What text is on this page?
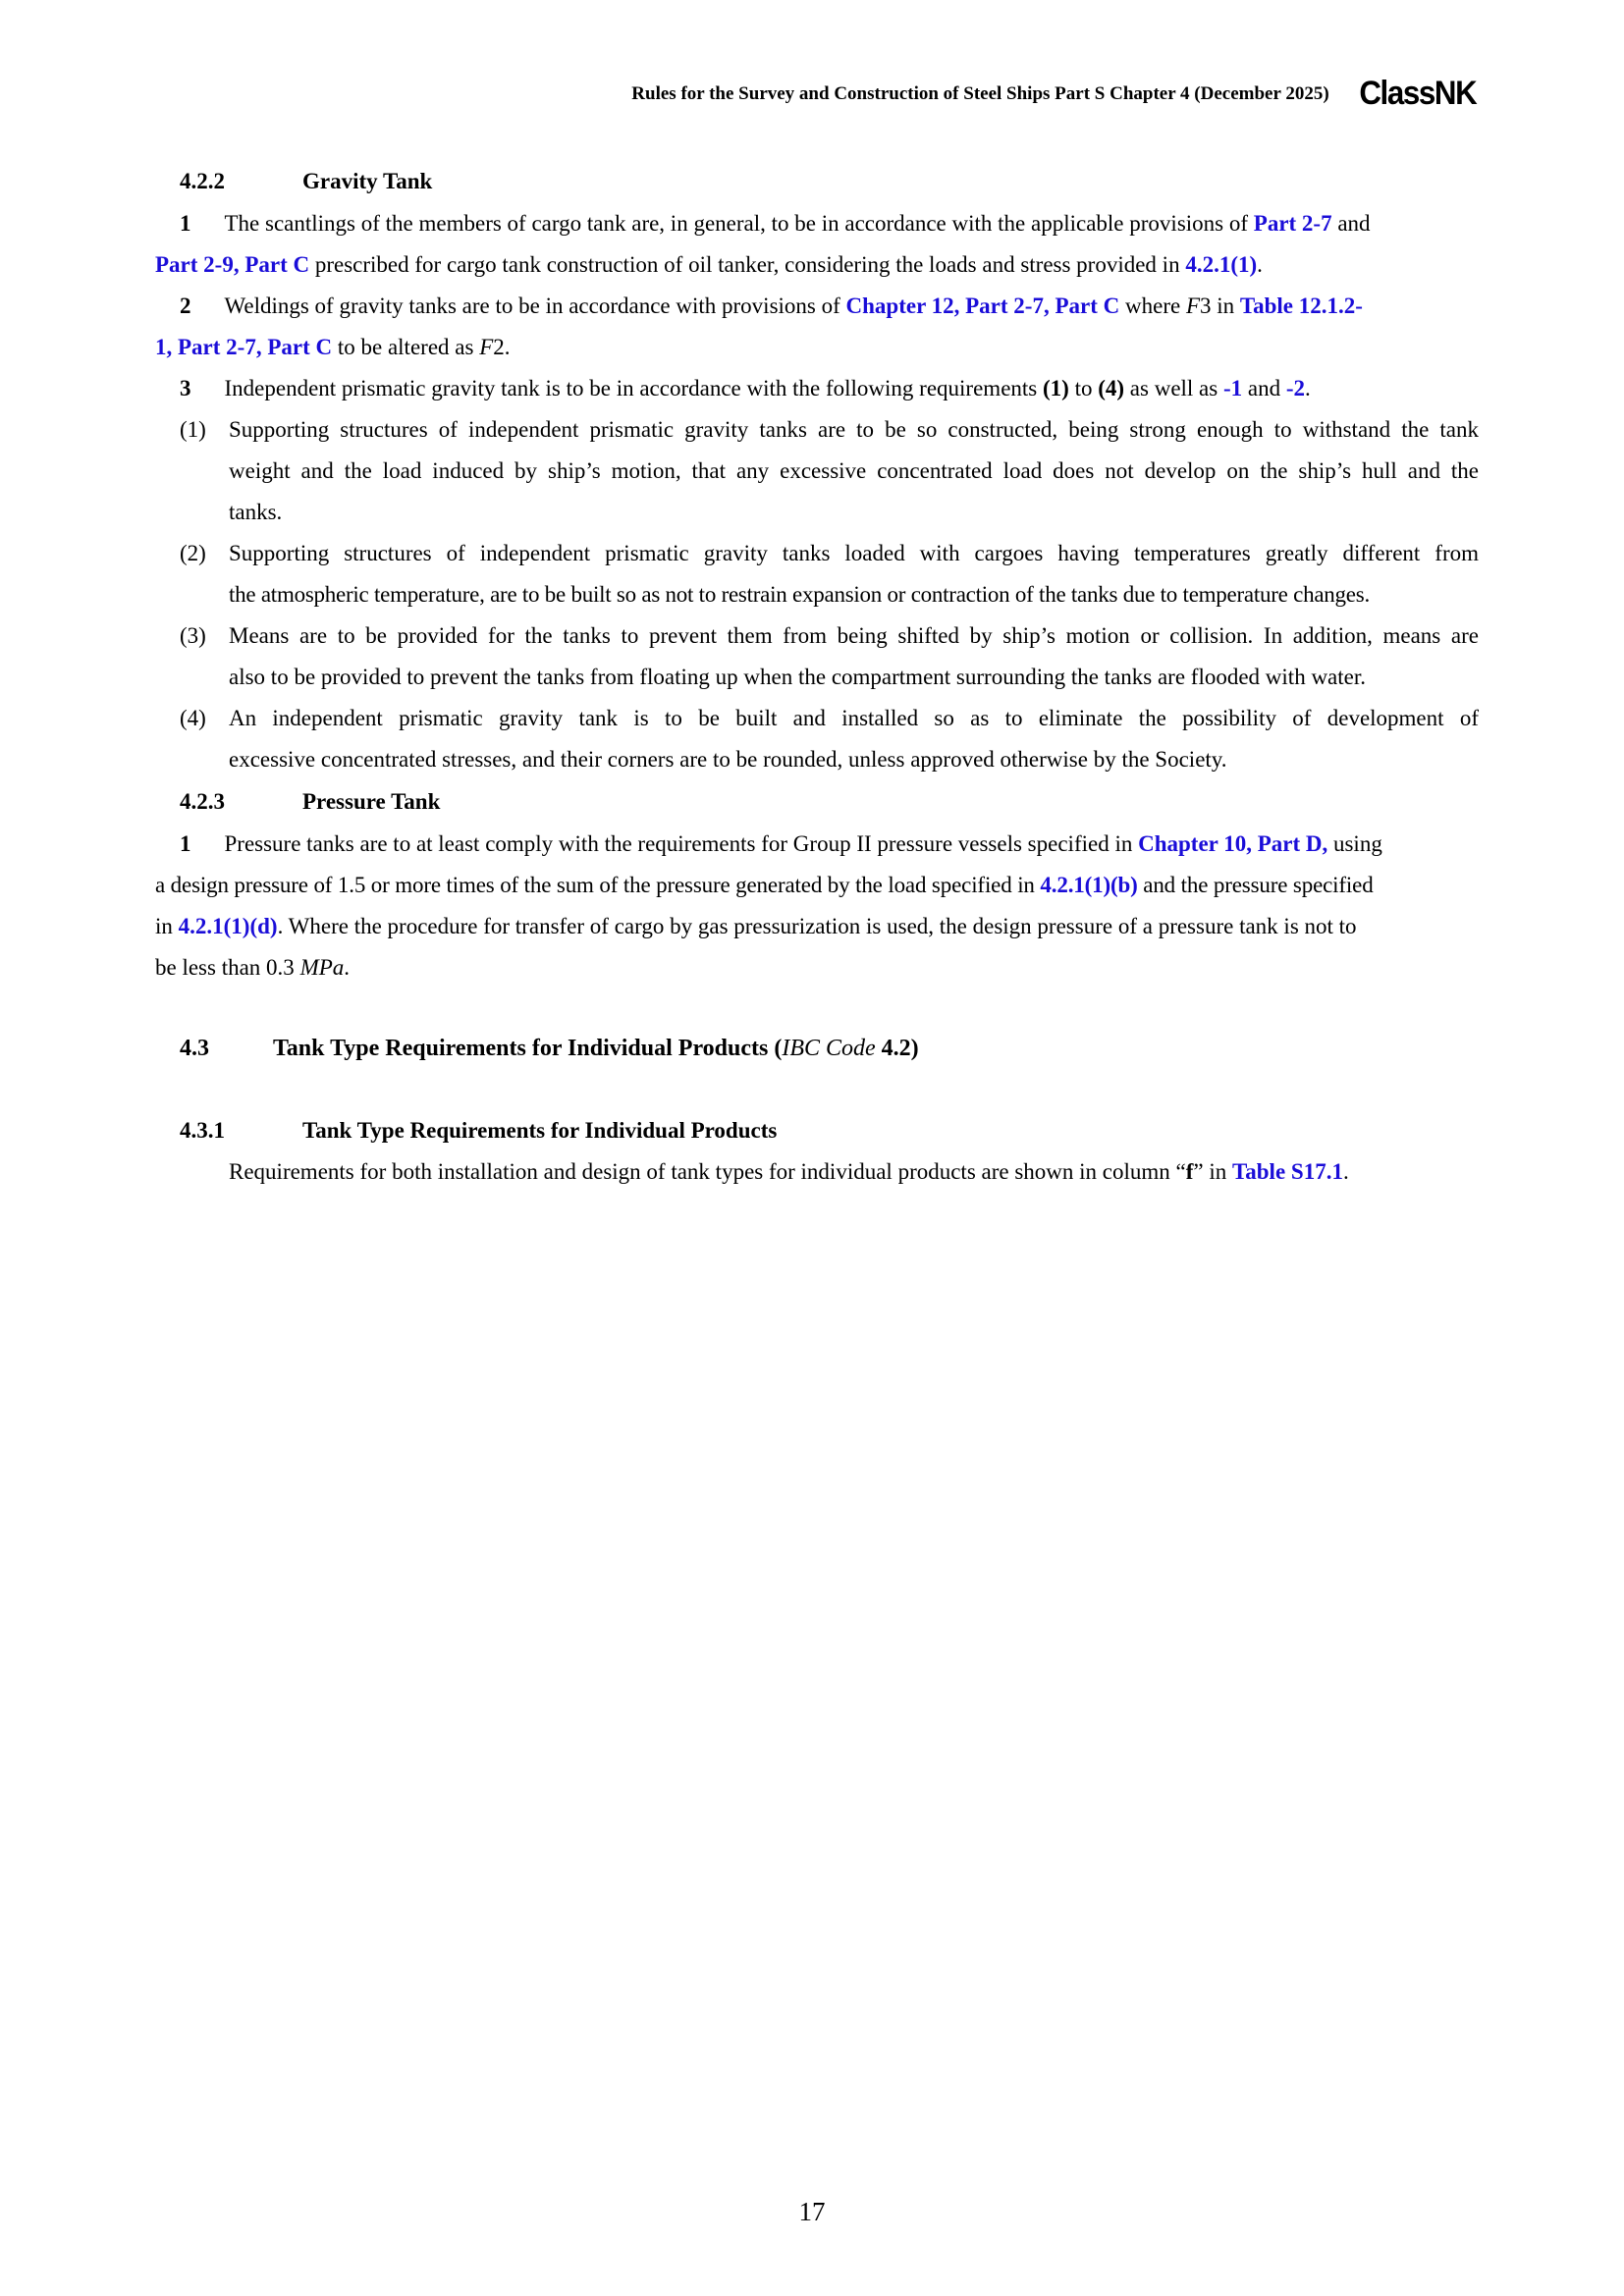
Rules for the Survey and Construction of Steel Ships Part S Chapter 4 (December 2025) ClassNK
4.2.2	Gravity Tank
1 The scantlings of the members of cargo tank are, in general, to be in accordance with the applicable provisions of Part 2-7 and
Part 2-9, Part C prescribed for cargo tank construction of oil tanker, considering the loads and stress provided in 4.2.1(1).
2 Weldings of gravity tanks are to be in accordance with provisions of Chapter 12, Part 2-7, Part C where F3 in Table 12.1.2-
1, Part 2-7, Part C to be altered as F2.
3 Independent prismatic gravity tank is to be in accordance with the following requirements (1) to (4) as well as -1 and -2.
(1) Supporting structures of independent prismatic gravity tanks are to be so constructed, being strong enough to withstand the tank
weight and the load induced by ship’s motion, that any excessive concentrated load does not develop on the ship’s hull and the
tanks.
(2) Supporting structures of independent prismatic gravity tanks loaded with cargoes having temperatures greatly different from
the atmospheric temperature, are to be built so as not to restrain expansion or contraction of the tanks due to temperature changes.
(3) Means are to be provided for the tanks to prevent them from being shifted by ship’s motion or collision. In addition, means are
also to be provided to prevent the tanks from floating up when the compartment surrounding the tanks are flooded with water.
(4) An independent prismatic gravity tank is to be built and installed so as to eliminate the possibility of development of
excessive concentrated stresses, and their corners are to be rounded, unless approved otherwise by the Society.
4.2.3	Pressure Tank
1 Pressure tanks are to at least comply with the requirements for Group II pressure vessels specified in Chapter 10, Part D, using
a design pressure of 1.5 or more times of the sum of the pressure generated by the load specified in 4.2.1(1)(b) and the pressure specified
in 4.2.1(1)(d). Where the procedure for transfer of cargo by gas pressurization is used, the design pressure of a pressure tank is not to
be less than 0.3 MPa.
4.3	Tank Type Requirements for Individual Products (IBC Code 4.2)
4.3.1	Tank Type Requirements for Individual Products
Requirements for both installation and design of tank types for individual products are shown in column “f” in Table S17.1.
17
